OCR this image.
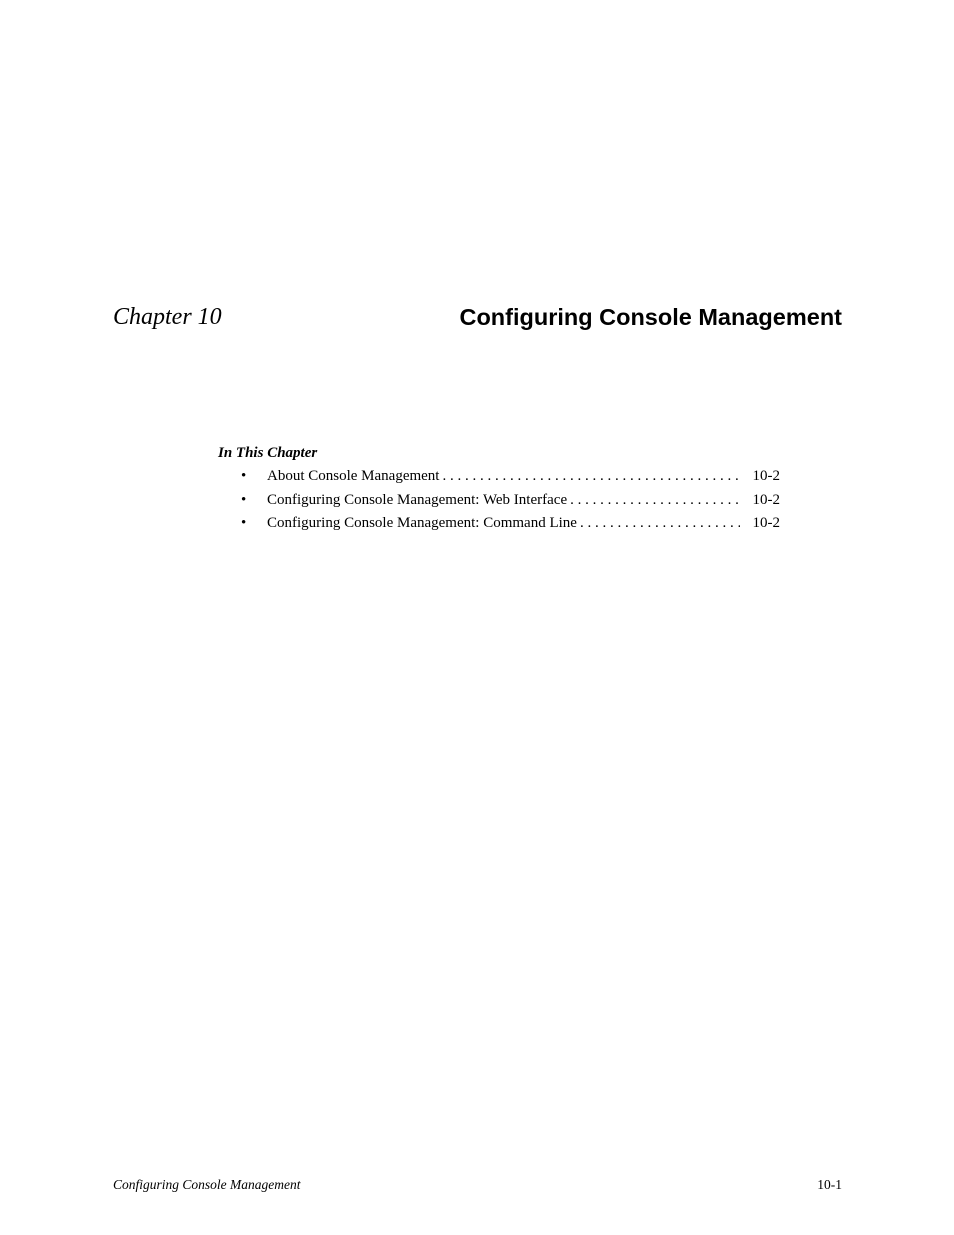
Chapter 10	Configuring Console Management
In This Chapter
•	About Console Management . . .	10-2
•	Configuring Console Management: Web Interface . . .	10-2
•	Configuring Console Management: Command Line . . .	10-2
Configuring Console Management	10-1
